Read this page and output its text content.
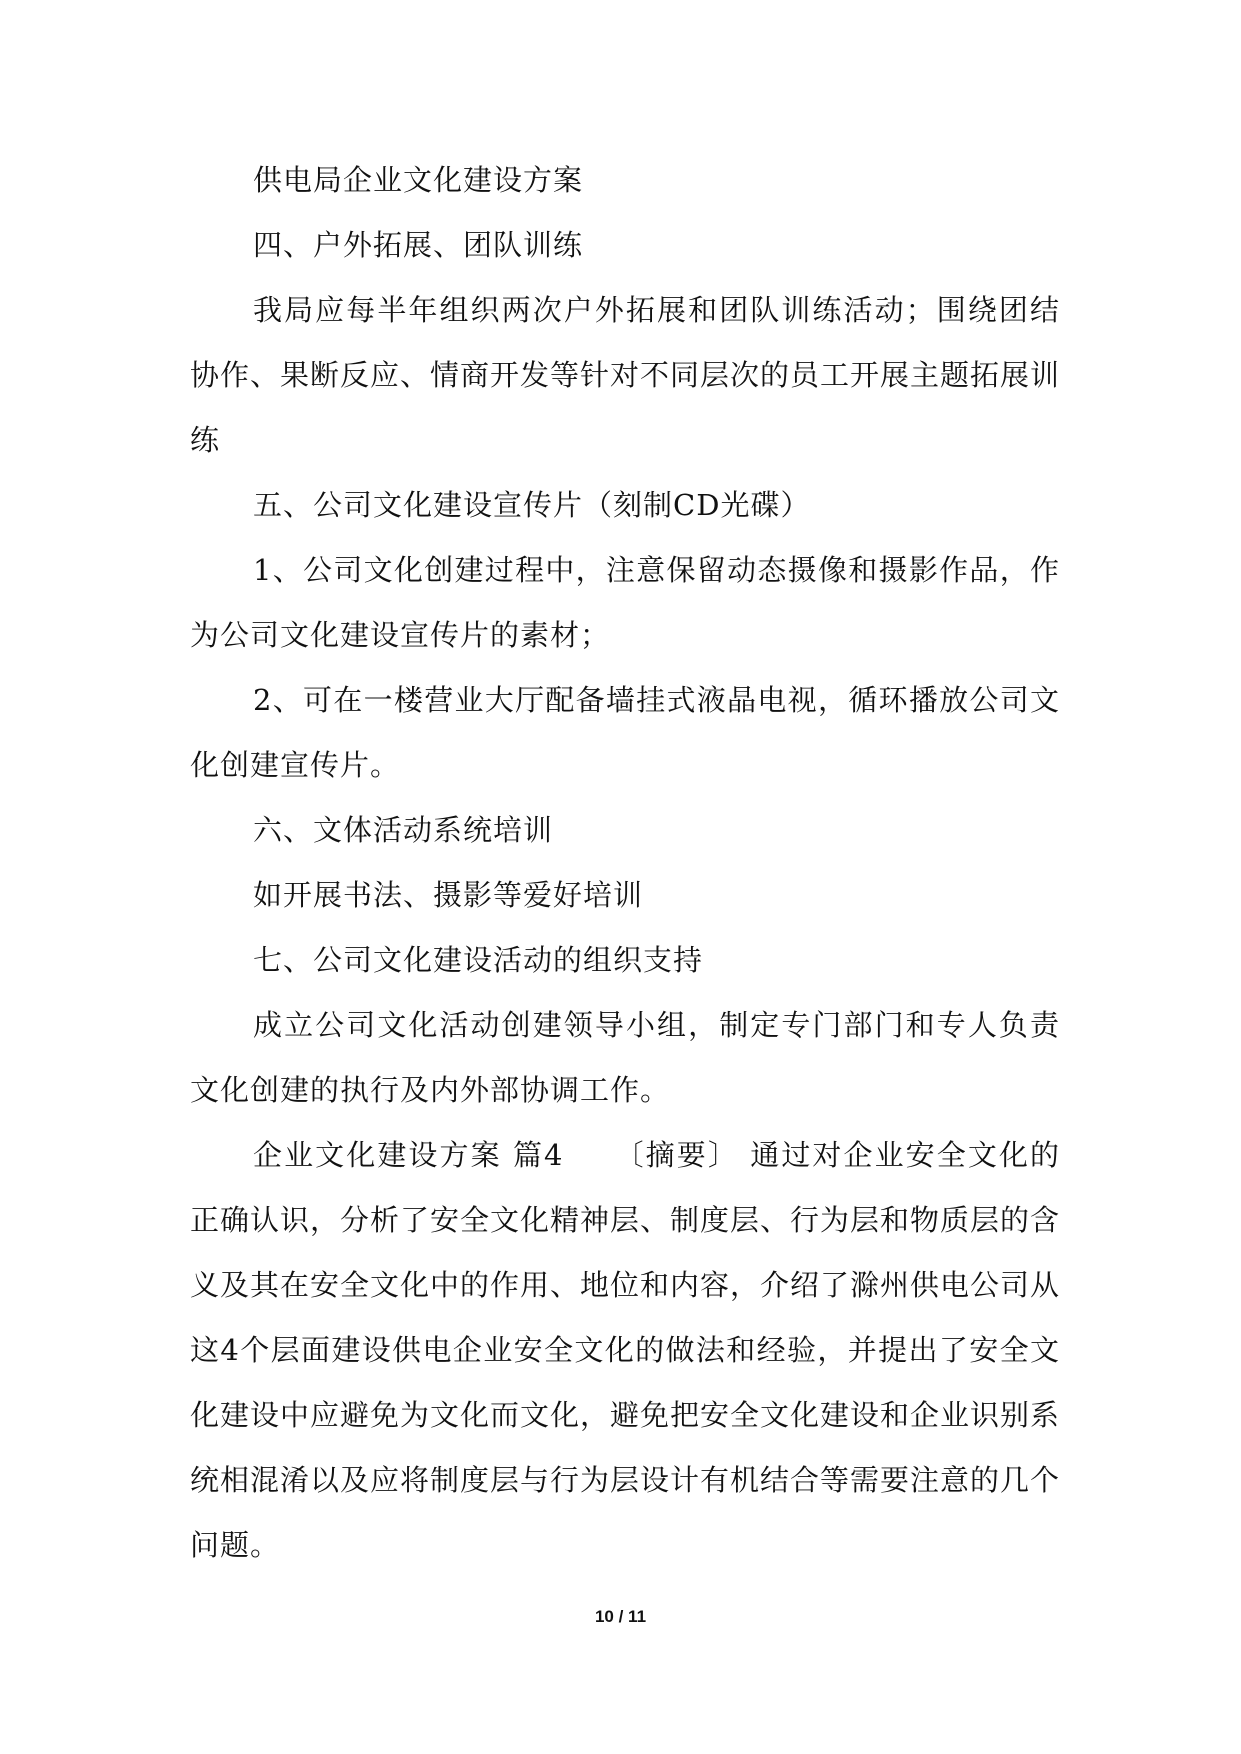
供电局企业文化建设方案

四、户外拓展、团队训练

我局应每半年组织两次户外拓展和团队训练活动；围绕团结协作、果断反应、情商开发等针对不同层次的员工开展主题拓展训练

五、公司文化建设宣传片（刻制CD光碟）

1、公司文化创建过程中，注意保留动态摄像和摄影作品，作为公司文化建设宣传片的素材；

2、可在一楼营业大厅配备墙挂式液晶电视，循环播放公司文化创建宣传片。

六、文体活动系统培训

如开展书法、摄影等爱好培训

七、公司文化建设活动的组织支持

成立公司文化活动创建领导小组，制定专门部门和专人负责文化创建的执行及内外部协调工作。

企业文化建设方案 篇4 〔摘要〕 通过对企业安全文化的正确认识，分析了安全文化精神层、制度层、行为层和物质层的含义及其在安全文化中的作用、地位和内容，介绍了滁州供电公司从这4个层面建设供电企业安全文化的做法和经验，并提出了安全文化建设中应避免为文化而文化，避免把安全文化建设和企业识别系统相混淆以及应将制度层与行为层设计有机结合等需要注意的几个问题。

10 / 11
